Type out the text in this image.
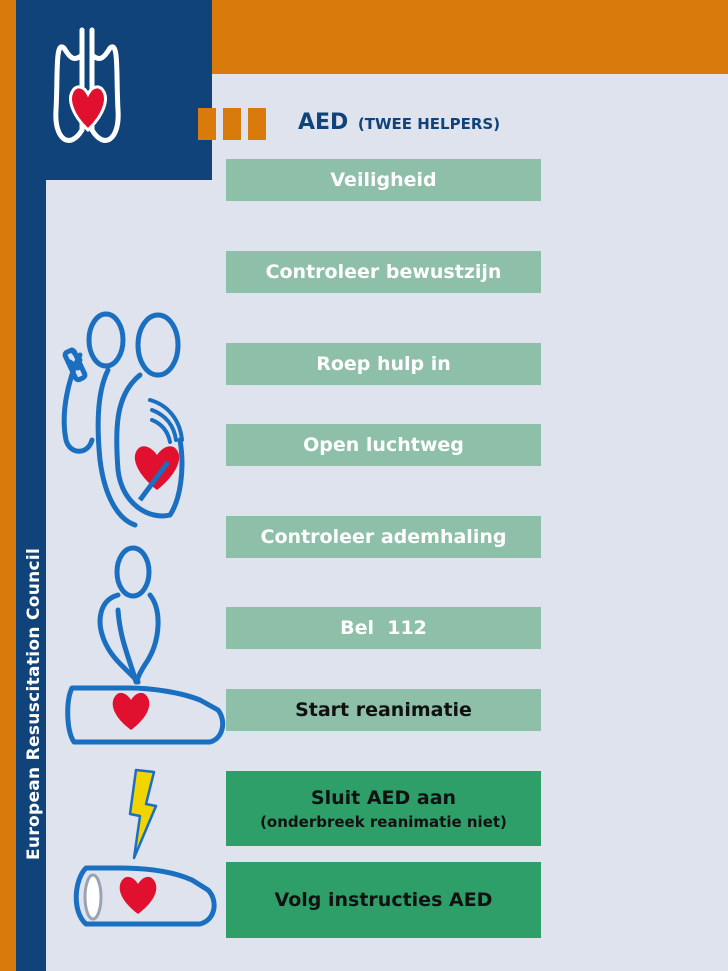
European Resuscitation Council
AED (TWEE HELPERS)
Veiligheid
Controleer bewustzijn
Roep hulp in
Open luchtweg
Controleer ademhaling
Bel  112
Start reanimatie
Sluit AED aan
(onderbreek reanimatie niet)
Volg instructies AED
